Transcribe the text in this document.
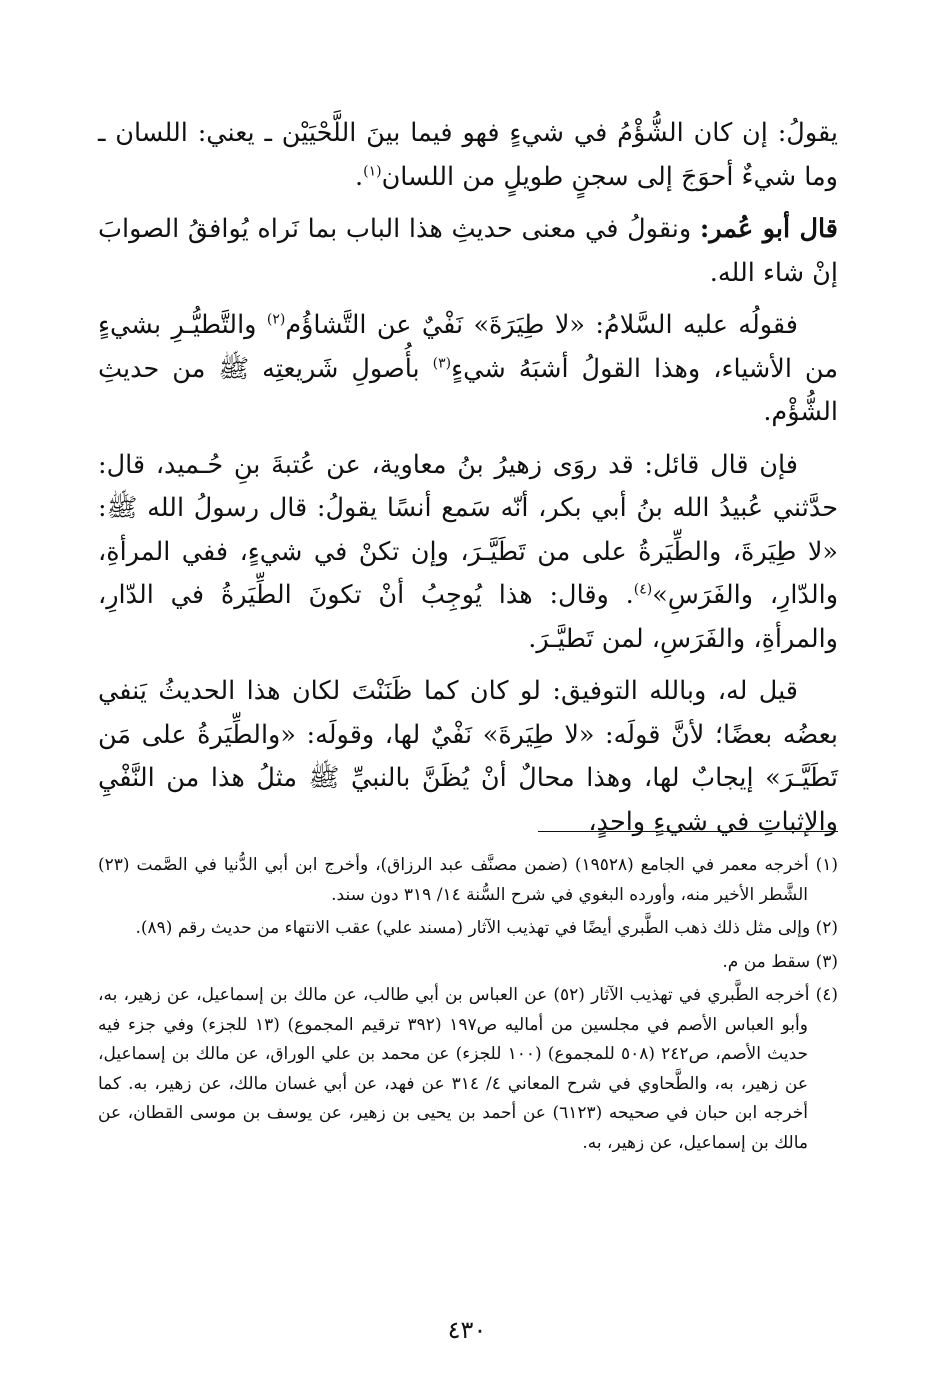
يقولُ: إن كان الشُّؤْمُ في شيءٍ فهو فيما بينَ اللَّحْيَيْن ـ يعني: اللسان ـ وما شيءٌ أحوَجَ إلى سجنٍ طويلٍ من اللسان$^{(١)}$.

قال أبو عُمر: ونقولُ في معنى حديثِ هذا الباب بما نَراه يُوافقُ الصوابَ إنْ شاء الله.

فقولُه عليه السَّلامُ: «لا طِيَرَةَ» نَفْيٌ عن التَّشاؤُم$^{(٢)}$ والتَّطيُّـرِ بشيءٍ من الأشياء، وهذا القولُ أشبَهُ شيءٍ$^{(٣)}$ بأُصولِ شَريعتِه ﷺ من حديثِ الشُّؤْم.

فإن قال قائل: قد روَى زهيرُ بنُ معاوية، عن عُتبةَ بنِ حُـميد، قال: حدَّثني عُبيدُ الله بنُ أبي بكر، أنّه سَمع أنسًا يقولُ: قال رسولُ الله ﷺ: «لا طِيَرةَ، والطِّيَرةُ على من تَطَيَّـرَ، وإن تكنْ في شيءٍ، ففي المرأةِ، والدّارِ، والفَرَسِ»$^{(٤)}$. وقال: هذا يُوجِبُ أنْ تكونَ الطِّيَرةُ في الدّارِ، والمرأةِ، والفَرَسِ، لمن تَطيَّـرَ.

قيل له، وبالله التوفيق: لو كان كما ظَنَنْتَ لكان هذا الحديثُ يَنفي بعضُه بعضًا؛ لأنَّ قولَه: «لا طِيَرةَ» نَفْيٌ لها، وقولَه: «والطِّيَرةُ على مَن تَطَيَّـرَ» إيجابٌ لها، وهذا محالٌ أنْ يُظَنَّ بالنبيِّ ﷺ مثلُ هذا من النَّفْيِ والإثباتِ في شيءٍ واحدٍ،

(١) أخرجه معمر في الجامع (١٩٥٢٨) (ضمن مصنَّف عبد الرزاق)، وأخرج ابن أبي الدُّنيا في الصَّمت (٢٣) الشَّطر الأخير منه، وأورده البغوي في شرح السُّنة ١٤/ ٣١٩ دون سند.

(٢) وإلى مثل ذلك ذهب الطَّبري أيضًا في تهذيب الآثار (مسند علي) عقب الانتهاء من حديث رقم (٨٩).

(٣) سقط من م.

(٤) أخرجه الطَّبري في تهذيب الآثار (٥٢) عن العباس بن أبي طالب، عن مالك بن إسماعيل، عن زهير، به، وأبو العباس الأصم في مجلسين من أماليه ص١٩٧ (٣٩٢ ترقيم المجموع) (١٣ للجزء) وفي جزء فيه حديث الأصم، ص٢٤٢ (٥٠٨ للمجموع) (١٠٠ للجزء) عن محمد بن علي الوراق، عن مالك بن إسماعيل، عن زهير، به، والطَّحاوي في شرح المعاني ٤/ ٣١٤ عن فهد، عن أبي غسان مالك، عن زهير، به. كما أخرجه ابن حبان في صحيحه (٦١٢٣) عن أحمد بن يحيى بن زهير، عن يوسف بن موسى القطان، عن مالك بن إسماعيل، عن زهير، به.

٤٣٠
